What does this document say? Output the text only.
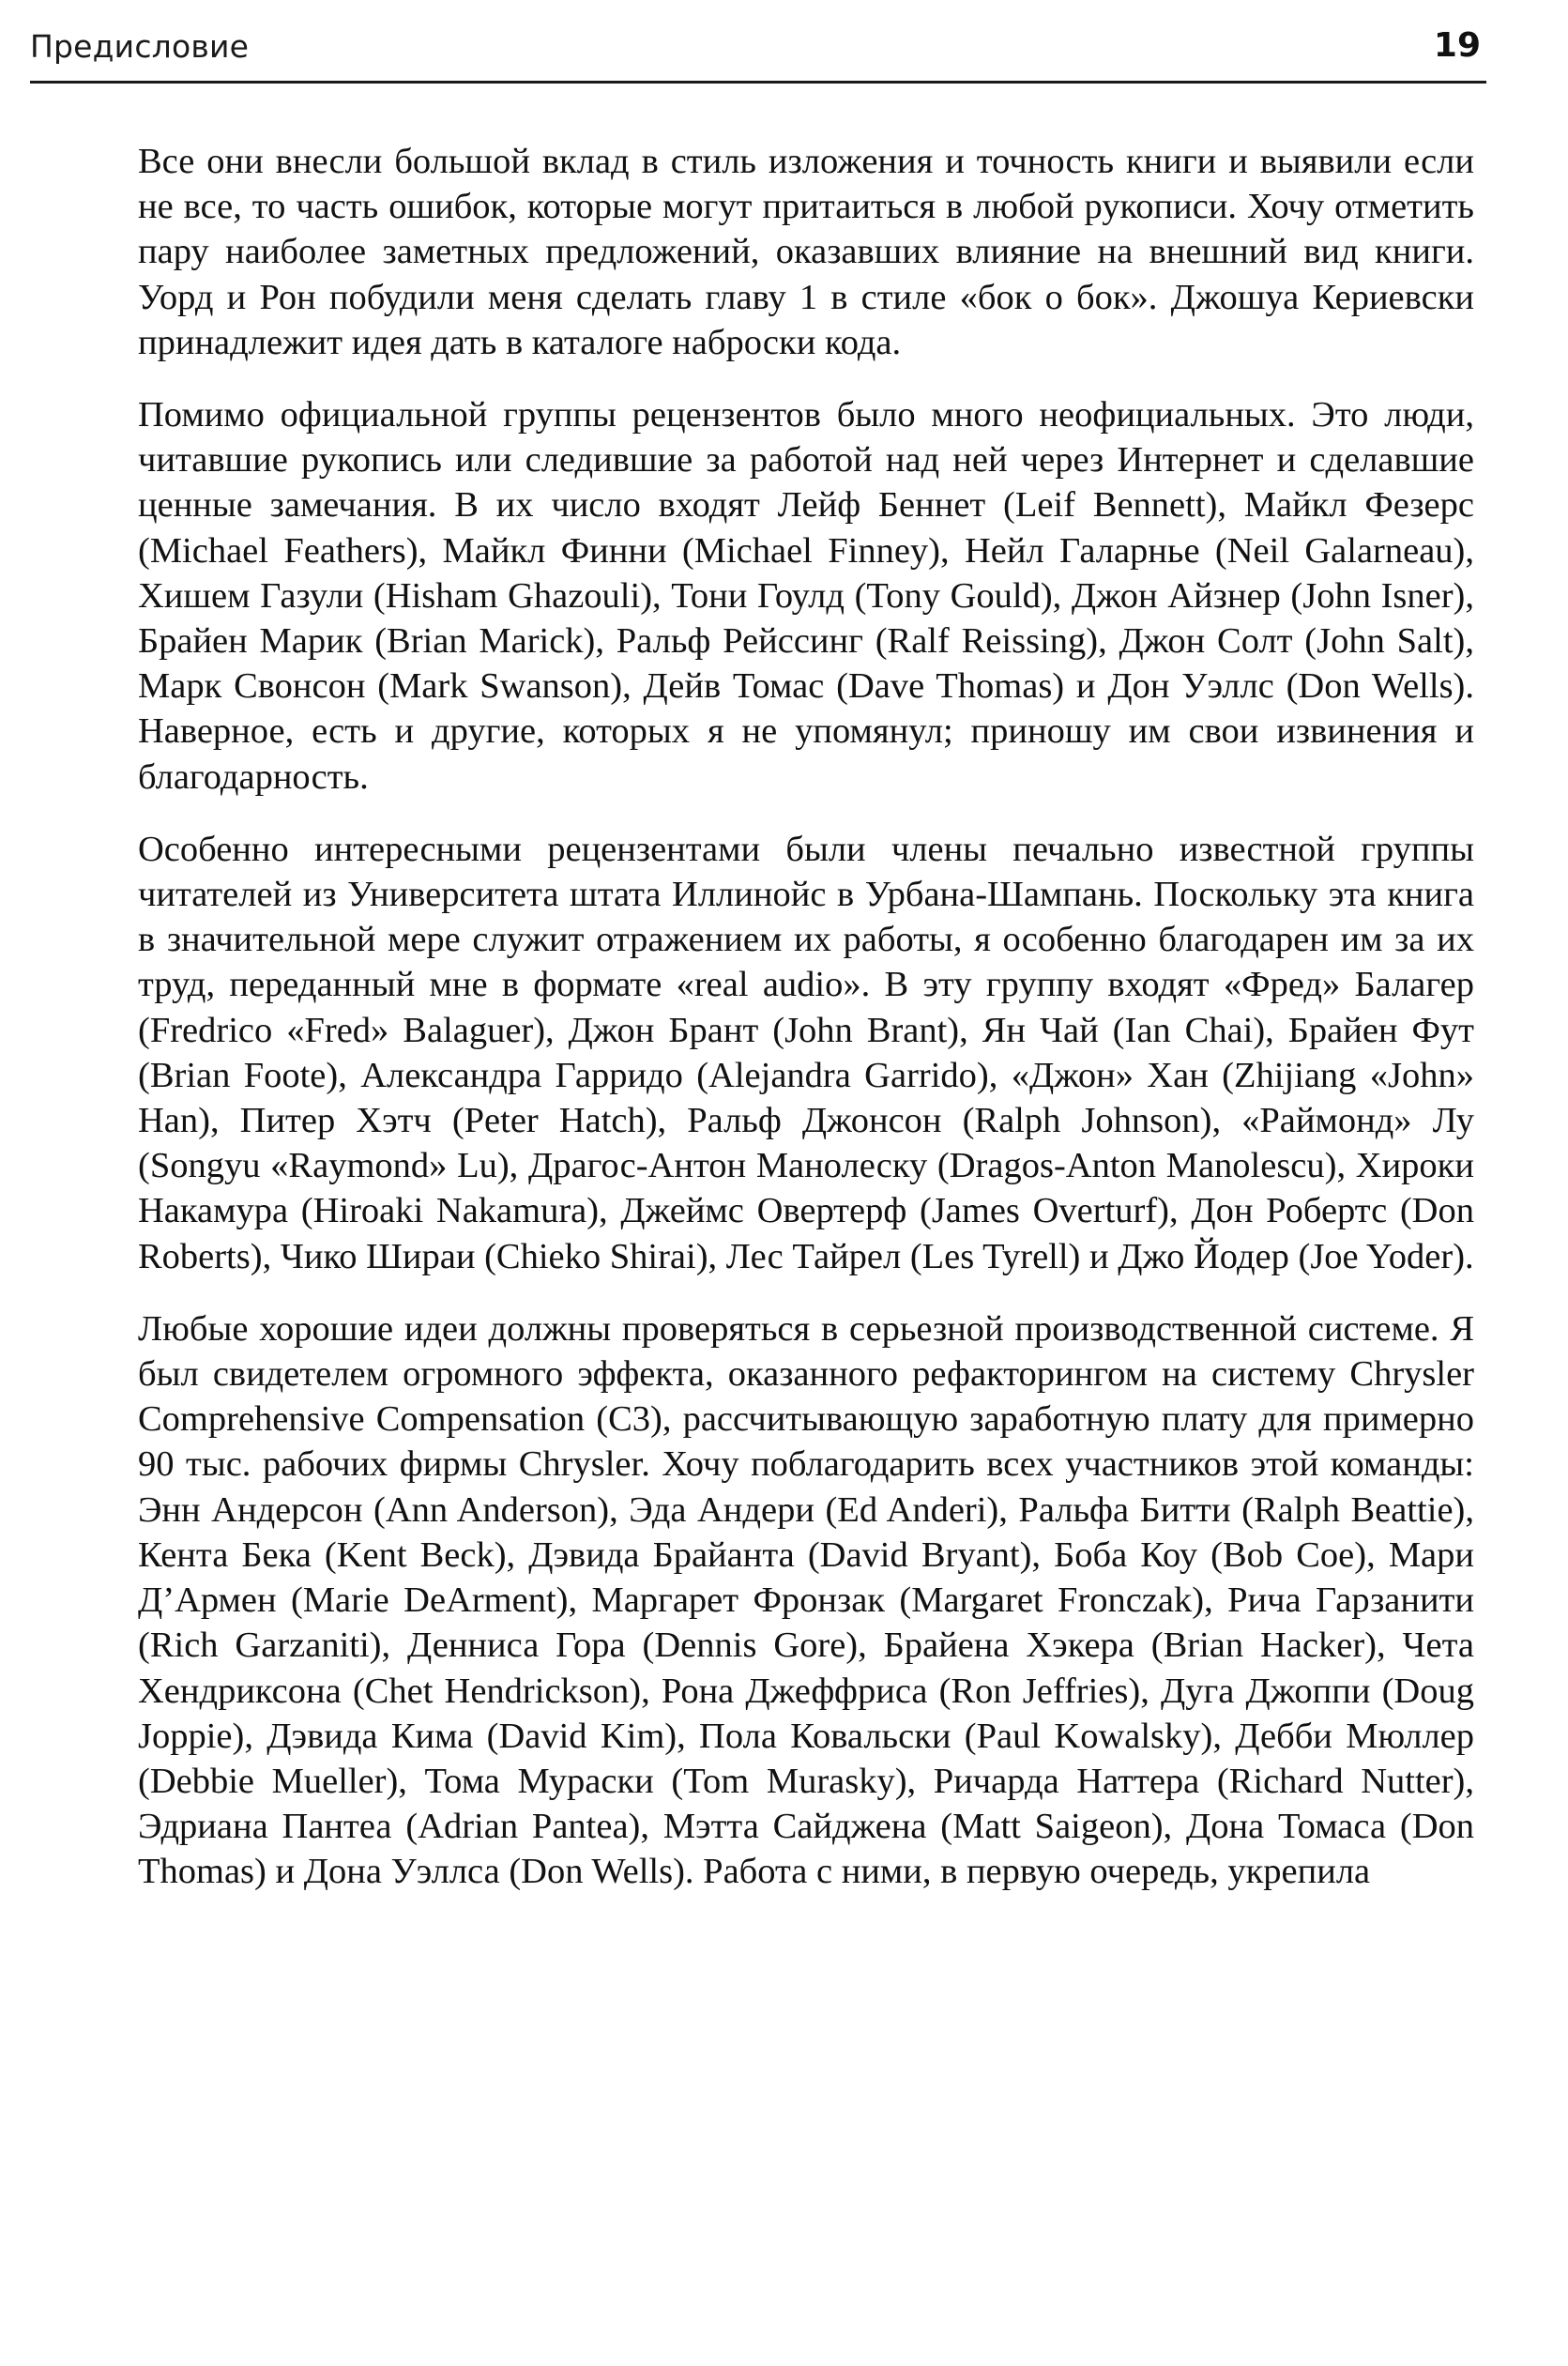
Предисловие	19

Все они внесли большой вклад в стиль изложения и точность книги и выявили если не все, то часть ошибок, которые могут притаиться в любой рукописи. Хочу отметить пару наиболее заметных предложений, оказавших влияние на внешний вид книги. Уорд и Рон побудили меня сделать главу 1 в стиле «бок о бок». Джошуа Кериевски принадлежит идея дать в каталоге наброски кода.

Помимо официальной группы рецензентов было много неофициальных. Это люди, читавшие рукопись или следившие за работой над ней через Интернет и сделавшие ценные замечания. В их число входят Лейф Беннет (Leif Bennett), Майкл Фезерс (Michael Feathers), Майкл Финни (Michael Finney), Нейл Галарнье (Neil Galarneau), Хишем Газули (Hisham Ghazouli), Тони Гоулд (Tony Gould), Джон Айзнер (John Isner), Брайен Марик (Brian Marick), Ральф Рейссинг (Ralf Reissing), Джон Солт (John Salt), Марк Свонсон (Mark Swanson), Дейв Томас (Dave Thomas) и Дон Уэллс (Don Wells). Наверное, есть и другие, которых я не упомянул; приношу им свои извинения и благодарность.

Особенно интересными рецензентами были члены печально известной группы читателей из Университета штата Иллинойс в Урбана-Шампань. Поскольку эта книга в значительной мере служит отражением их работы, я особенно благодарен им за их труд, переданный мне в формате «real audio». В эту группу входят «Фред» Балагер (Fredrico «Fred» Balaguer), Джон Брант (John Brant), Ян Чай (Ian Chai), Брайен Фут (Brian Foote), Александра Гарридо (Alejandra Garrido), «Джон» Хан (Zhijiang «John» Han), Питер Хэтч (Peter Hatch), Ральф Джонсон (Ralph Johnson), «Раймонд» Лу (Songyu «Raymond» Lu), Драгос-Антон Манолеску (Dragos-Anton Manolescu), Хироки Накамура (Hiroaki Nakamura), Джеймс Овертерф (James Overturf), Дон Робертс (Don Roberts), Чико Шираи (Chieko Shirai), Лес Тайрел (Les Tyrell) и Джо Йодер (Joe Yoder).

Любые хорошие идеи должны проверяться в серьезной производственной системе. Я был свидетелем огромного эффекта, оказанного рефакторингом на систему Chrysler Comprehensive Compensation (C3), рассчитывающую заработную плату для примерно 90 тыс. рабочих фирмы Chrysler. Хочу поблагодарить всех участников этой команды: Энн Андерсон (Ann Anderson), Эда Андери (Ed Anderi), Ральфа Битти (Ralph Beattie), Кента Бека (Kent Beck), Дэвида Брайанта (David Bryant), Боба Коу (Bob Coe), Мари Д’Армен (Marie DeArment), Маргарет Фронзак (Margaret Fronczak), Рича Гарзанити (Rich Garzaniti), Денниса Гора (Dennis Gore), Брайена Хэкера (Brian Hacker), Чета Хендриксона (Chet Hendrickson), Рона Джеффриса (Ron Jeffries), Дуга Джоппи (Doug Joppie), Дэвида Кима (David Kim), Пола Ковальски (Paul Kowalsky), Дебби Мюллер (Debbie Mueller), Тома Мураски (Tom Murasky), Ричарда Наттера (Richard Nutter), Эдриана Пантеа (Adrian Pantea), Мэтта Сайджена (Matt Saigeon), Дона Томаса (Don Thomas) и Дона Уэллса (Don Wells). Работа с ними, в первую очередь, укрепила
